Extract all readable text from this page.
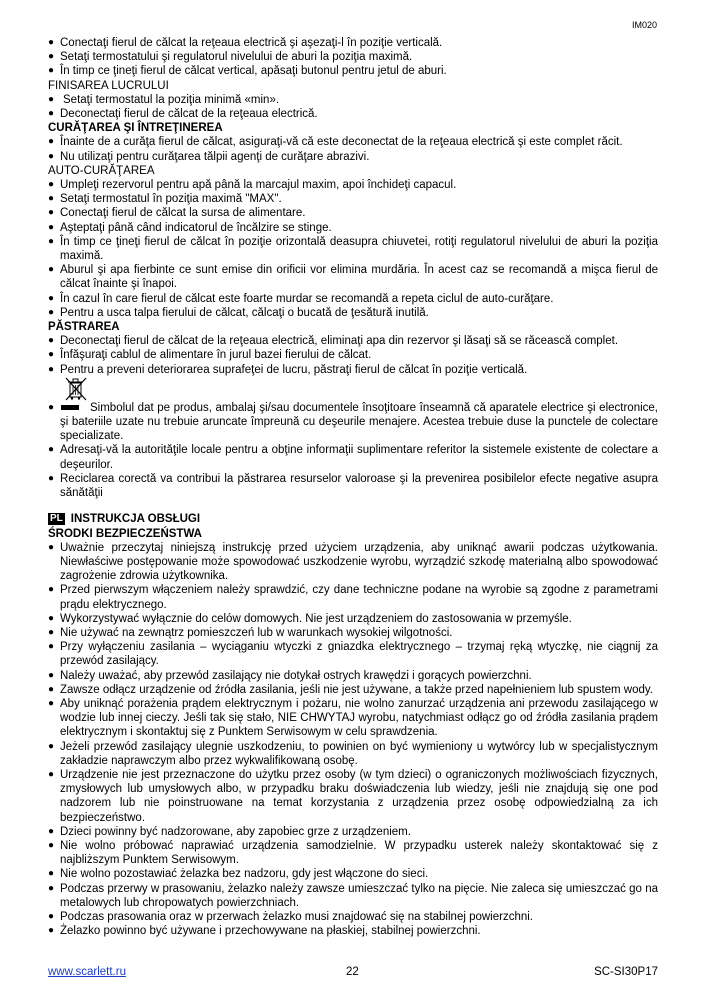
IM020
● Conectaţi fierul de călcat la reţeaua electrică şi aşezaţi-l în poziţie verticală.
● Setaţi termostatului şi regulatorul nivelului de aburi la poziţia maximă.
● În timp ce ţineţi fierul de călcat vertical, apăsaţi butonul pentru jetul de aburi.
FINISAREA LUCRULUI
● Setaţi termostatul la poziţia minimă «min».
● Deconectaţi fierul de călcat de la reţeaua electrică.
CURĂŢAREA ŞI ÎNTREŢINEREA
● Înainte de a curăţa fierul de călcat, asiguraţi-vă că este deconectat de la reţeaua electrică şi este complet răcit.
● Nu utilizaţi pentru curăţarea tălpii agenţi de curăţare abrazivi.
AUTO-CURĂŢAREA
● Umpleţi rezervorul pentru apă până la marcajul maxim, apoi închideţi capacul.
● Setaţi termostatul în poziţia maximă "MAX".
● Conectaţi fierul de călcat la sursa de alimentare.
● Aşteptaţi până când indicatorul de încălzire se stinge.
● În timp ce ţineţi fierul de călcat în poziţie orizontală deasupra chiuvetei, rotiţi regulatorul nivelului de aburi la poziţia maximă.
● Aburul şi apa fierbinte ce sunt emise din orificii vor elimina murdăria. În acest caz se recomandă a mişca fierul de călcat înainte şi înapoi.
● În cazul în care fierul de călcat este foarte murdar se recomandă a repeta ciclul de auto-curăţare.
● Pentru a usca talpa fierului de călcat, călcaţi o bucată de ţesătură inutilă.
PĂSTRAREA
● Deconectaţi fierul de călcat de la reţeaua electrică, eliminaţi apa din rezervor şi lăsaţi să se răcească complet.
● Înfăşuraţi cablul de alimentare în jurul bazei fierului de călcat.
● Pentru a preveni deteriorarea suprafeţei de lucru, păstraţi fierul de călcat în poziţie verticală.
●	Simbolul dat pe produs, ambalaj şi/sau documentele însoţitoare înseamnă că aparatele electrice şi electronice, şi bateriile uzate nu trebuie aruncate împreună cu deşeurile menajere. Acestea trebuie duse la punctele de colectare specializate.
● Adresaţi-vă la autorităţile locale pentru a obţine informaţii suplimentare referitor la sistemele existente de colectare a deşeurilor.
● Reciclarea corectă va contribui la păstrarea resurselor valoroase şi la prevenirea posibilelor efecte negative asupra sănătăţii
PL INSTRUKCJA OBSŁUGI
ŚRODKI BEZPIECZEŃSTWA
● Uważnie przeczytaj niniejszą instrukcję przed użyciem urządzenia, aby uniknąć awarii podczas użytkowania. Niewłaściwe postępowanie może spowodować uszkodzenie wyrobu, wyrządzić szkodę materialną albo spowodować zagrożenie zdrowia użytkownika.
● Przed pierwszym włączeniem należy sprawdzić, czy dane techniczne podane na wyrobie są zgodne z parametrami prądu elektrycznego.
● Wykorzystywać wyłącznie do celów domowych. Nie jest urządzeniem do zastosowania w przemyśle.
● Nie używać na zewnątrz pomieszczeń lub w warunkach wysokiej wilgotności.
● Przy wyłączeniu zasilania – wyciąganiu wtyczki z gniazdka elektrycznego – trzymaj ręką wtyczkę, nie ciągnij za przewód zasilający.
● Należy uważać, aby przewód zasilający nie dotykał ostrych krawędzi i gorących powierzchni.
● Zawsze odłącz urządzenie od źródła zasilania, jeśli nie jest używane, a także przed napełnieniem lub spustem wody.
● Aby uniknąć porażenia prądem elektrycznym i pożaru, nie wolno zanurzać urządzenia ani przewodu zasilającego w wodzie lub innej cieczy. Jeśli tak się stało, NIE CHWYTAJ wyrobu, natychmiast odłącz go od źródła zasilania prądem elektrycznym i skontaktuj się z Punktem Serwisowym w celu sprawdzenia.
● Jeżeli przewód zasilający ulegnie uszkodzeniu, to powinien on być wymieniony u wytwórcy lub w specjalistycznym zakładzie naprawczym albo przez wykwalifikowaną osobę.
● Urządzenie nie jest przeznaczone do użytku przez osoby (w tym dzieci) o ograniczonych możliwościach fizycznych, zmysłowych lub umysłowych albo, w przypadku braku doświadczenia lub wiedzy, jeśli nie znajdują się one pod nadzorem lub nie poinstruowane na temat korzystania z urządzenia przez osobę odpowiedzialną za ich bezpieczeństwo.
● Dzieci powinny być nadzorowane, aby zapobiec grze z urządzeniem.
● Nie wolno próbować naprawiać urządzenia samodzielnie. W przypadku usterek należy skontaktować się z najbliższym Punktem Serwisowym.
● Nie wolno pozostawiać żelazka bez nadzoru, gdy jest włączone do sieci.
● Podczas przerwy w prasowaniu, żelazko należy zawsze umieszczać tylko na pięcie. Nie zaleca się umieszczać go na metalowych lub chropowatych powierzchniach.
● Podczas prasowania oraz w przerwach żelazko musi znajdować się na stabilnej powierzchni.
● Żelazko powinno być używane i przechowywane na płaskiej, stabilnej powierzchni.
www.scarlett.ru	22	SC-SI30P17
